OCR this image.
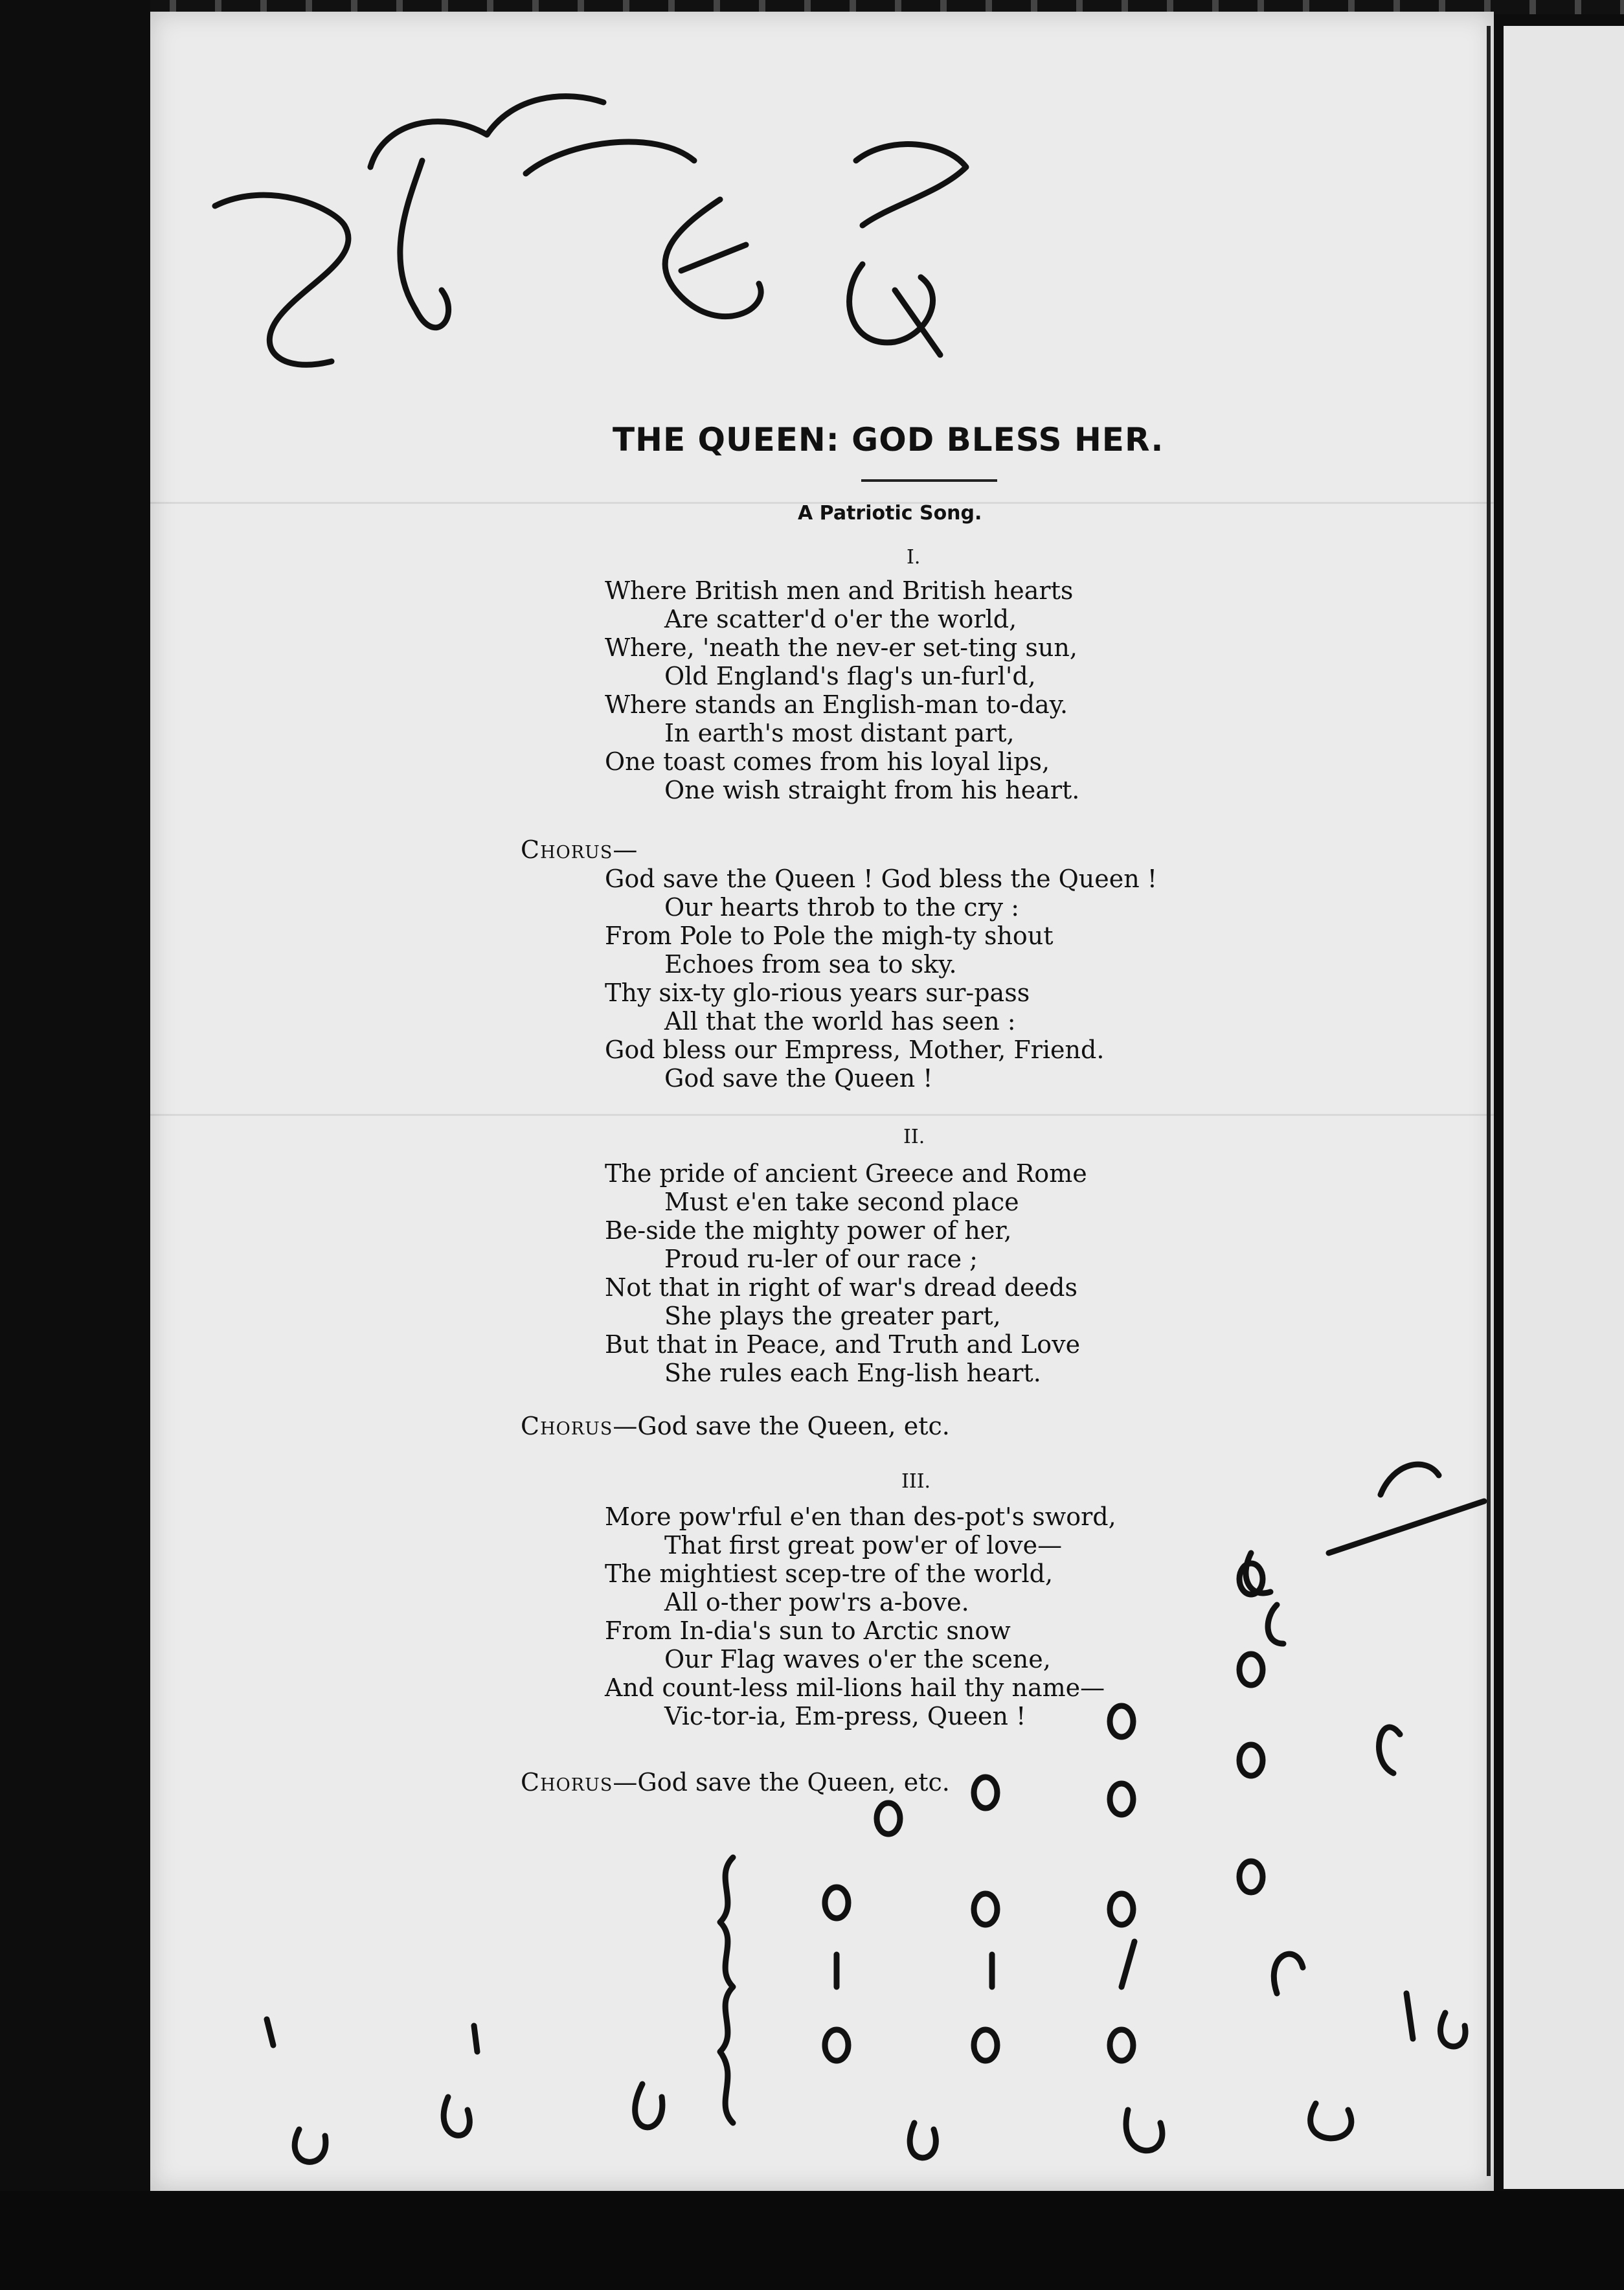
THE QUEEN: GOD BLESS HER.
A Patriotic Song.
I.
Where British men and British hearts
Are scatter'd o'er the world,
Where, 'neath the nev-er set-ting sun,
Old England's flag's un-furl'd,
Where stands an English-man to-day.
In earth's most distant part,
One toast comes from his loyal lips,
One wish straight from his heart.
Chorus—
God save the Queen ! God bless the Queen !
Our hearts throb to the cry :
From Pole to Pole the migh-ty shout
Echoes from sea to sky.
Thy six-ty glo-rious years sur-pass
All that the world has seen :
God bless our Empress, Mother, Friend.
God save the Queen !
II.
The pride of ancient Greece and Rome
Must e'en take second place
Be-side the mighty power of her,
Proud ru-ler of our race ;
Not that in right of war's dread deeds
She plays the greater part,
But that in Peace, and Truth and Love
She rules each Eng-lish heart.
Chorus—God save the Queen, etc.
III.
More pow'rful e'en than des-pot's sword,
That first great pow'er of love—
The mightiest scep-tre of the world,
All o-ther pow'rs a-bove.
From In-dia's sun to Arctic snow
Our Flag waves o'er the scene,
And count-less mil-lions hail thy name—
Vic-tor-ia, Em-press, Queen !
Chorus—God save the Queen, etc.
